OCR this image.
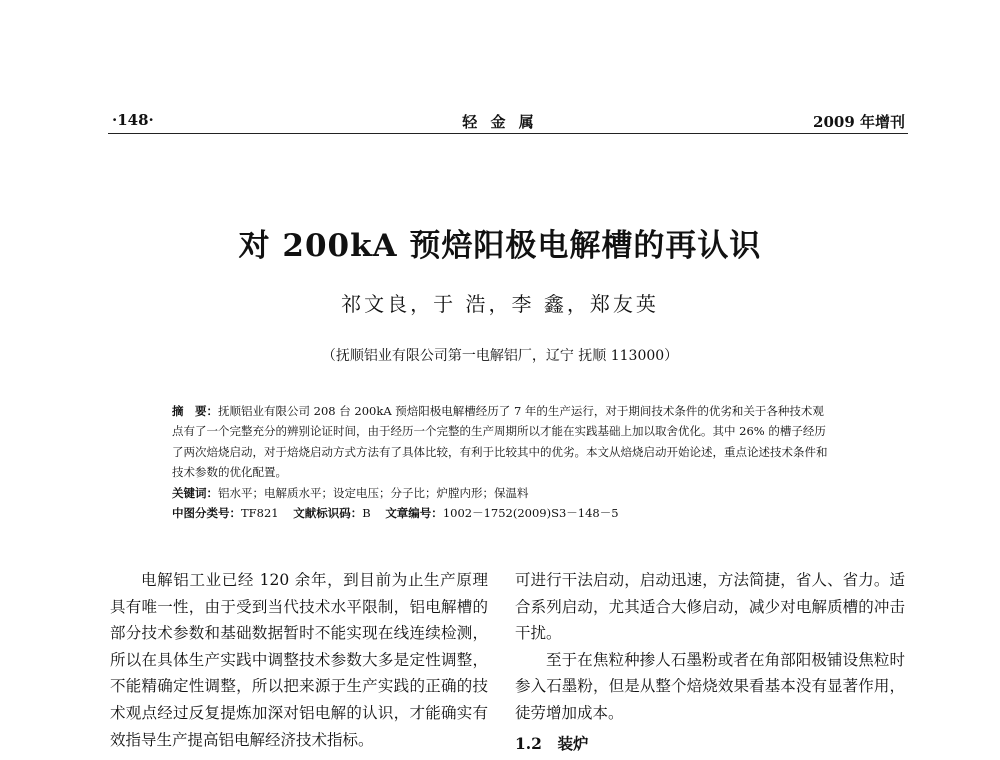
·148·	轻 金 属	2009 年增刊
对 200kA 预焙阳极电解槽的再认识
祁文良，于 浩，李 鑫，郑友英
（抚顺铝业有限公司第一电解铝厂，辽宁 抚顺 113000）
摘　要：抚顺铝业有限公司 208 台 200kA 预焙阳极电解槽经历了 7 年的生产运行，对于期间技术条件的优劣和关于各种技术观点有了一个完整充分的辨别论证时间，由于经历一个完整的生产周期所以才能在实践基础上加以取舍优化。其中 26% 的槽子经历了两次焙烧启动，对于焙烧启动方式方法有了具体比较，有利于比较其中的优劣。本文从焙烧启动开始论述，重点论述技术条件和技术参数的优化配置。
关键词：铝水平；电解质水平；设定电压；分子比；炉膛内形；保温料
中图分类号：TF821 文献标识码：B 文章编号：1002－1752(2009)S3－148－5

电解铝工业已经 120 余年，到目前为止生产原理具有唯一性，由于受到当代技术水平限制，铝电解槽的部分技术参数和基础数据暂时不能实现在线连续检测，所以在具体生产实践中调整技术参数大多是定性调整，不能精确定性调整，所以把来源于生产实践的正确的技术观点经过反复提炼加深对铝电解的认识，才能确实有效指导生产提高铝电解经济技术指标。

可进行干法启动，启动迅速，方法简捷，省人、省力。适合系列启动，尤其适合大修启动，减少对电解质槽的冲击干扰。

至于在焦粒种掺人石墨粉或者在角部阳极铺设焦粒时参入石墨粉，但是从整个焙烧效果看基本没有显著作用，徒劳增加成本。

1.2　装炉
